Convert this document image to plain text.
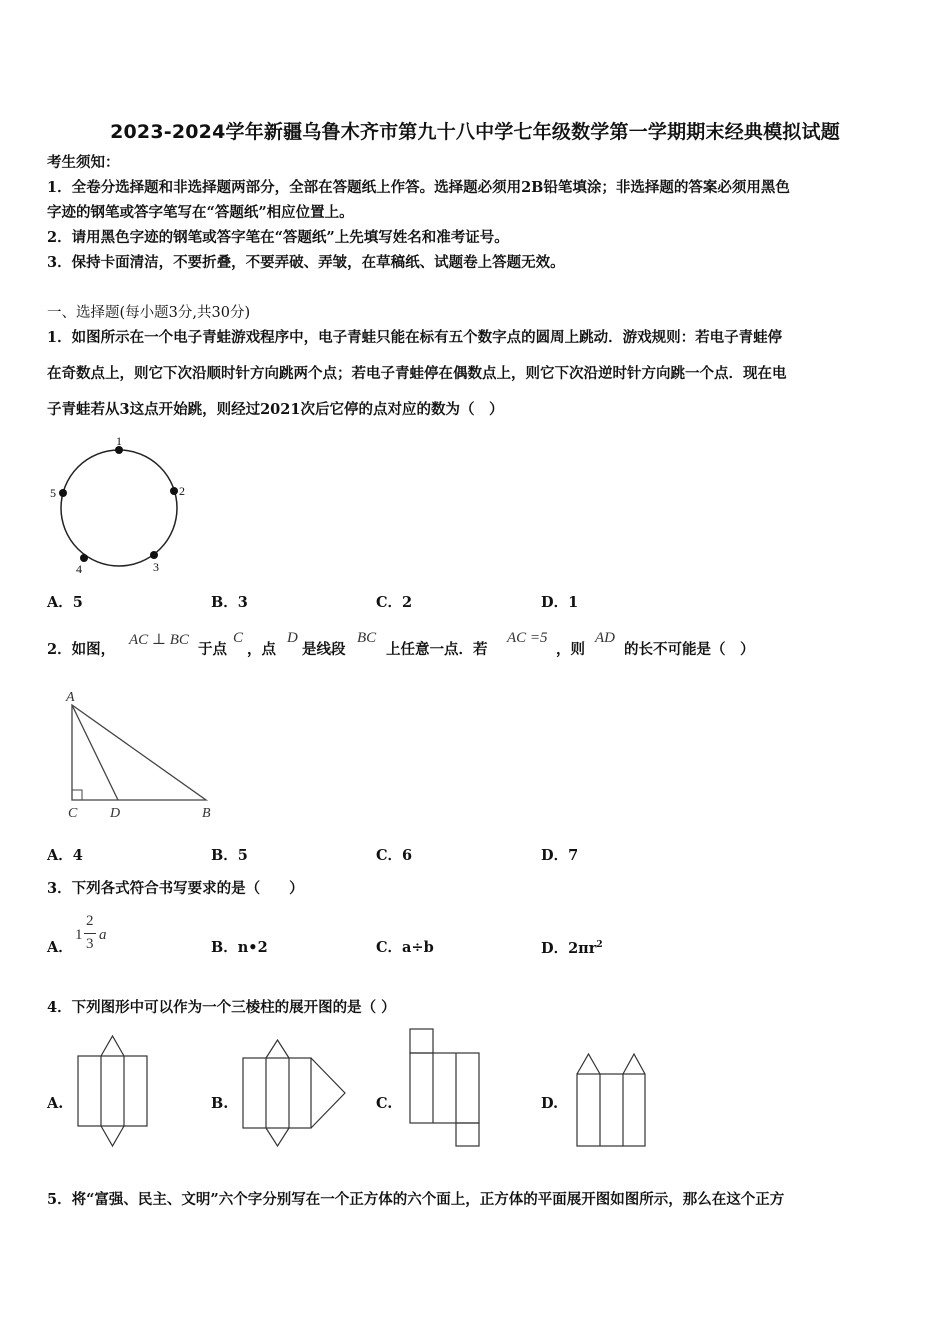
2023-2024学年新疆乌鲁木齐市第九十八中学七年级数学第一学期期末经典模拟试题
考生须知：
1．全卷分选择题和非选择题两部分，全部在答题纸上作答。选择题必须用2B铅笔填涂；非选择题的答案必须用黑色
字迹的钢笔或答字笔写在“答题纸”相应位置上。
2．请用黑色字迹的钢笔或答字笔在“答题纸”上先填写姓名和准考证号。
3．保持卡面清洁，不要折叠，不要弄破、弄皱，在草稿纸、试题卷上答题无效。
一、选择题(每小题3分,共30分)
1．如图所示在一个电子青蛙游戏程序中，电子青蛙只能在标有五个数字点的圆周上跳动．游戏规则：若电子青蛙停
在奇数点上，则它下次沿顺时针方向跳两个点；若电子青蛙停在偶数点上，则它下次沿逆时针方向跳一个点．现在电
子青蛙若从3这点开始跳，则经过2021次后它停的点对应的数为（　）
1
2
3
4
5
A．5	B．3	C．2	D．1
2．如图，
AC ⊥ BC
于点
C
，点
D
是线段
BC
上任意一点．若
AC =5
，则
AD
的长不可能是（　）
A
C D	B
A．4	B．5	C．6	D．7
3．下列各式符合书写要求的是（　　）
A．
1
2
3
a
B．n•2	C．a÷b	D．$2\pi r^2$
4．下列图形中可以作为一个三棱柱的展开图的是（ ）
A.	B.	C.	D.
5．将“富强、民主、文明”六个字分别写在一个正方体的六个面上，正方体的平面展开图如图所示，那么在这个正方
